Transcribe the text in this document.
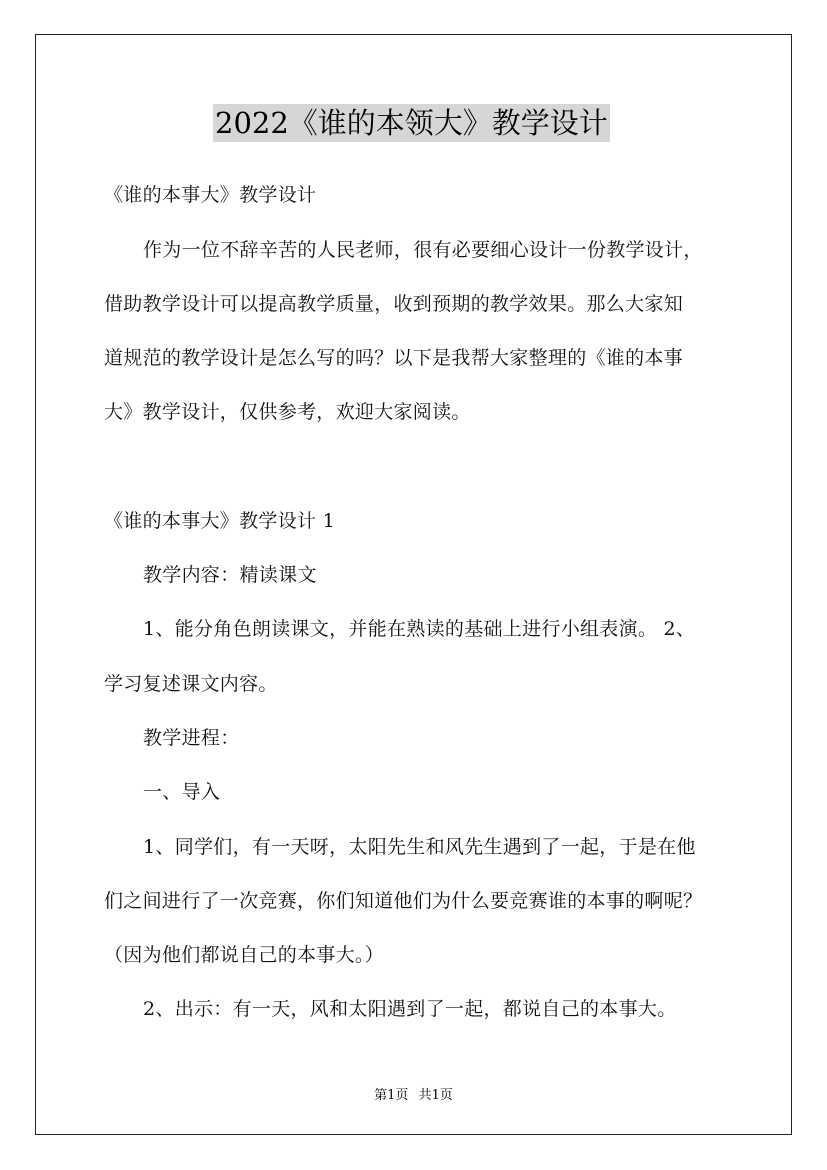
2022《谁的本领大》教学设计
《谁的本事大》教学设计
作为一位不辞辛苦的人民老师，很有必要细心设计一份教学设计，
借助教学设计可以提高教学质量，收到预期的教学效果。那么大家知
道规范的教学设计是怎么写的吗？以下是我帮大家整理的《谁的本事
大》教学设计，仅供参考，欢迎大家阅读。
《谁的本事大》教学设计 1
教学内容：精读课文
1、能分角色朗读课文，并能在熟读的基础上进行小组表演。 2、
学习复述课文内容。
教学进程：
一、导入
1、同学们，有一天呀，太阳先生和风先生遇到了一起，于是在他
们之间进行了一次竞赛，你们知道他们为什么要竞赛谁的本事的啊呢？
（因为他们都说自己的本事大。）
2、出示：有一天，风和太阳遇到了一起，都说自己的本事大。
第1页 共1页
